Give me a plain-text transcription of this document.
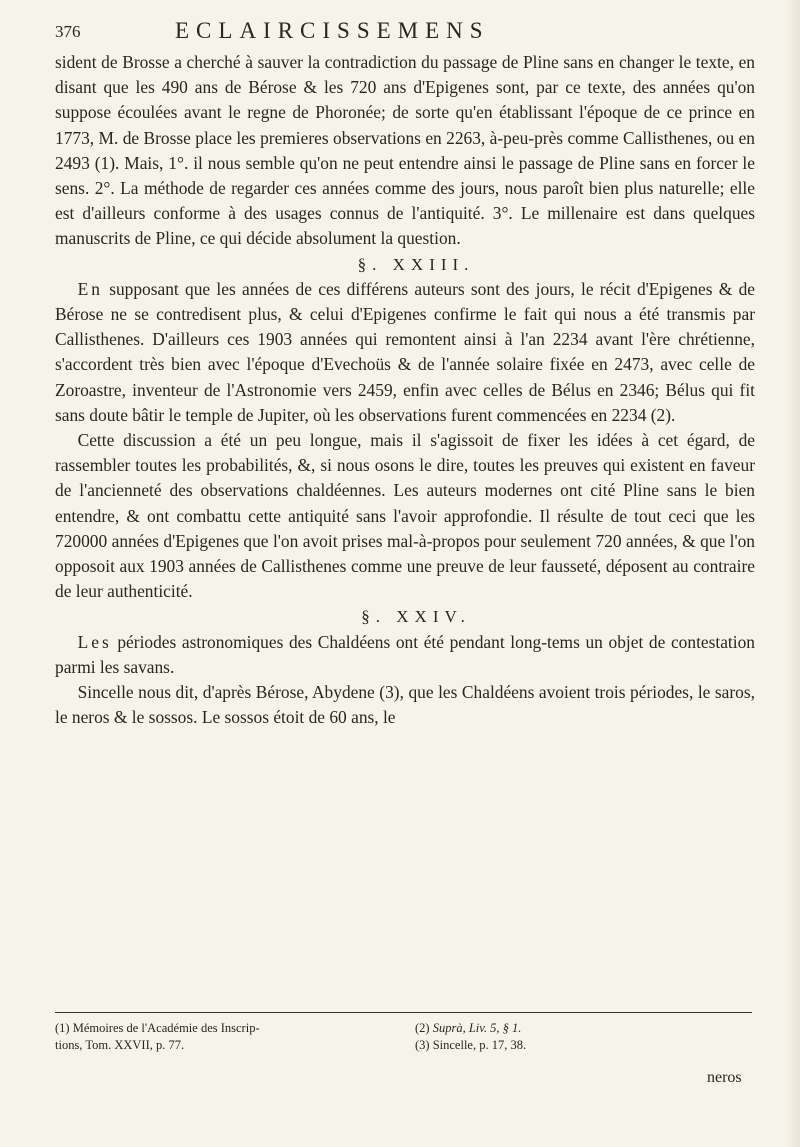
376	ECLAIRCISSEMENS

sident de Brosse a cherché à sauver la contradiction du passage de Pline sans en changer le texte, en disant que les 490 ans de Bérose & les 720 ans d'Epigenes sont, par ce texte, des années qu'on suppose écoulées avant le regne de Phoronée; de sorte qu'en établissant l'époque de ce prince en 1773, M. de Brosse place les premieres observations en 2263, à-peu-près comme Callisthenes, ou en 2493 (1). Mais, 1°. il nous semble qu'on ne peut entendre ainsi le passage de Pline sans en forcer le sens. 2°. La méthode de regarder ces années comme des jours, nous paroît bien plus naturelle; elle est d'ailleurs conforme à des usages connus de l'antiquité. 3°. Le millenaire est dans quelques manuscrits de Pline, ce qui décide absolument la question.

§. XXIII.

En supposant que les années de ces différens auteurs sont des jours, le récit d'Epigenes & de Bérose ne se contredisent plus, & celui d'Epigenes confirme le fait qui nous a été transmis par Callisthenes. D'ailleurs ces 1903 années qui remontent ainsi à l'an 2234 avant l'ère chrétienne, s'accordent très bien avec l'époque d'Evechoüs & de l'année solaire fixée en 2473, avec celle de Zoroastre, inventeur de l'Astronomie vers 2459, enfin avec celles de Bélus en 2346; Bélus qui fit sans doute bâtir le temple de Jupiter, où les observations furent commencées en 2234 (2).

Cette discussion a été un peu longue, mais il s'agissoit de fixer les idées à cet égard, de rassembler toutes les probabilités, &, si nous osons le dire, toutes les preuves qui existent en faveur de l'ancienneté des observations chaldéennes. Les auteurs modernes ont cité Pline sans le bien entendre, & ont combattu cette antiquité sans l'avoir approfondie. Il résulte de tout ceci que les 720000 années d'Epigenes que l'on avoit prises mal-à-propos pour seulement 720 années, & que l'on opposoit aux 1903 années de Callisthenes comme une preuve de leur fausseté, déposent au contraire de leur authenticité.

§. XXIV.

Les périodes astronomiques des Chaldéens ont été pendant long-tems un objet de contestation parmi les savans.

Sincelle nous dit, d'après Bérose, Abydene (3), que les Chaldéens avoient trois périodes, le saros, le neros & le sossos. Le sossos étoit de 60 ans, le

(1) Mémoires de l'Académie des Inscrip-
tions, Tom. XXVII, p. 77.
(2) Suprà, Liv. 5, § 1.
(3) Sincelle, p. 17, 38.
neros
